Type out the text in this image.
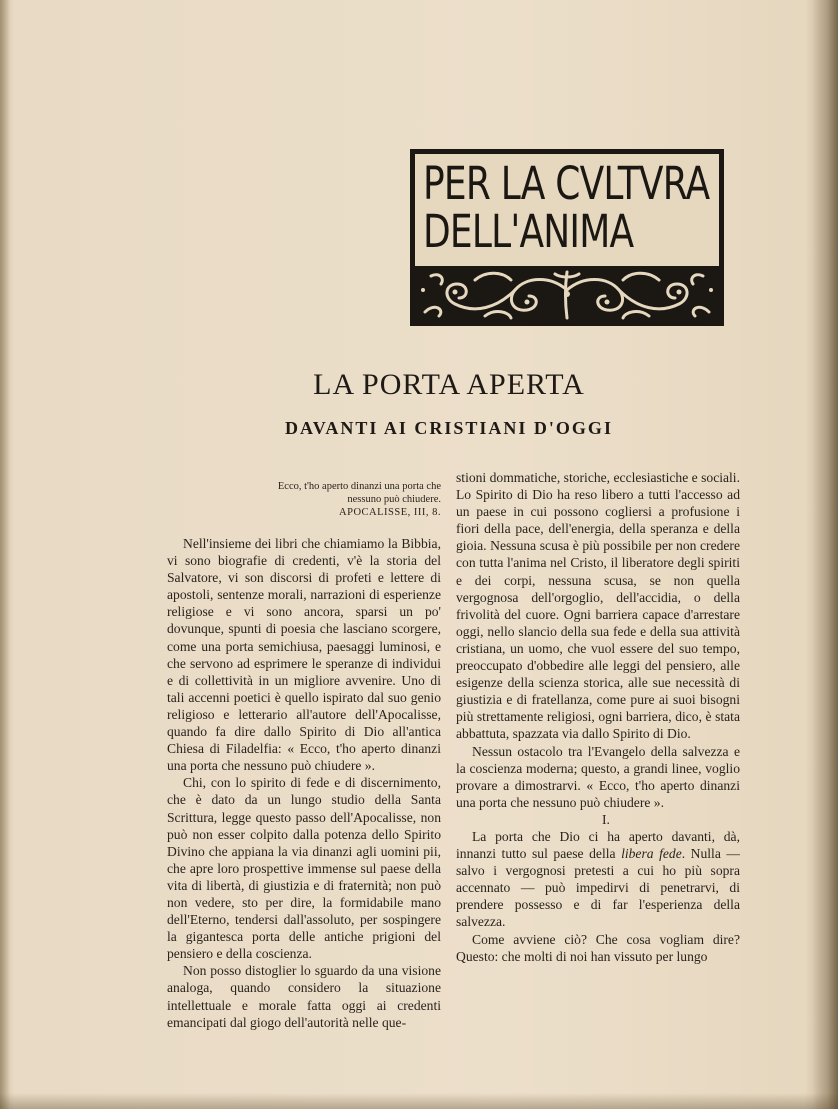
PER LA CVLTVRA
DELL'ANIMA
LA PORTA APERTA
DAVANTI AI CRISTIANI D'OGGI
Ecco, t'ho aperto dinanzi una porta che nessuno può chiudere.
APOCALISSE, III, 8.

Nell'insieme dei libri che chiamiamo la Bibbia, vi sono biografie di credenti, v'è la storia del Salvatore, vi son discorsi di profeti e lettere di apostoli, sentenze morali, narrazioni di esperienze religiose e vi sono ancora, sparsi un po' dovunque, spunti di poesia che lasciano scorgere, come una porta semichiusa, paesaggi luminosi, e che servono ad esprimere le speranze di individui e di collettività in un migliore avvenire. Uno di tali accenni poetici è quello ispirato dal suo genio religioso e letterario all'autore dell'Apocalisse, quando fa dire dallo Spirito di Dio all'antica Chiesa di Filadelfia: « Ecco, t'ho aperto dinanzi una porta che nessuno può chiudere ».

Chi, con lo spirito di fede e di discernimento, che è dato da un lungo studio della Santa Scrittura, legge questo passo dell'Apocalisse, non può non esser colpito dalla potenza dello Spirito Divino che appiana la via dinanzi agli uomini pii, che apre loro prospettive immense sul paese della vita di libertà, di giustizia e di fraternità; non può non vedere, sto per dire, la formidabile mano dell'Eterno, tendersi dall'assoluto, per sospingere la gigantesca porta delle antiche prigioni del pensiero e della coscienza.

Non posso distoglier lo sguardo da una visione analoga, quando considero la situazione intellettuale e morale fatta oggi ai credenti emancipati dal giogo dell'autorità nelle que-

stioni dommatiche, storiche, ecclesiastiche e sociali. Lo Spirito di Dio ha reso libero a tutti l'accesso ad un paese in cui possono cogliersi a profusione i fiori della pace, dell'energia, della speranza e della gioia. Nessuna scusa è più possibile per non credere con tutta l'anima nel Cristo, il liberatore degli spiriti e dei corpi, nessuna scusa, se non quella vergognosa dell'orgoglio, dell'accidia, o della frivolità del cuore. Ogni barriera capace d'arrestare oggi, nello slancio della sua fede e della sua attività cristiana, un uomo, che vuol essere del suo tempo, preoccupato d'obbedire alle leggi del pensiero, alle esigenze della scienza storica, alle sue necessità di giustizia e di fratellanza, come pure ai suoi bisogni più strettamente religiosi, ogni barriera, dico, è stata abbattuta, spazzata via dallo Spirito di Dio.

Nessun ostacolo tra l'Evangelo della salvezza e la coscienza moderna; questo, a grandi linee, voglio provare a dimostrarvi. « Ecco, t'ho aperto dinanzi una porta che nessuno può chiudere ».

I.

La porta che Dio ci ha aperto davanti, dà, innanzi tutto sul paese della libera fede. Nulla — salvo i vergognosi pretesti a cui ho più sopra accennato — può impedirvi di penetrarvi, di prendere possesso e di far l'esperienza della salvezza.

Come avviene ciò? Che cosa vogliam dire? Questo: che molti di noi han vissuto per lungo
